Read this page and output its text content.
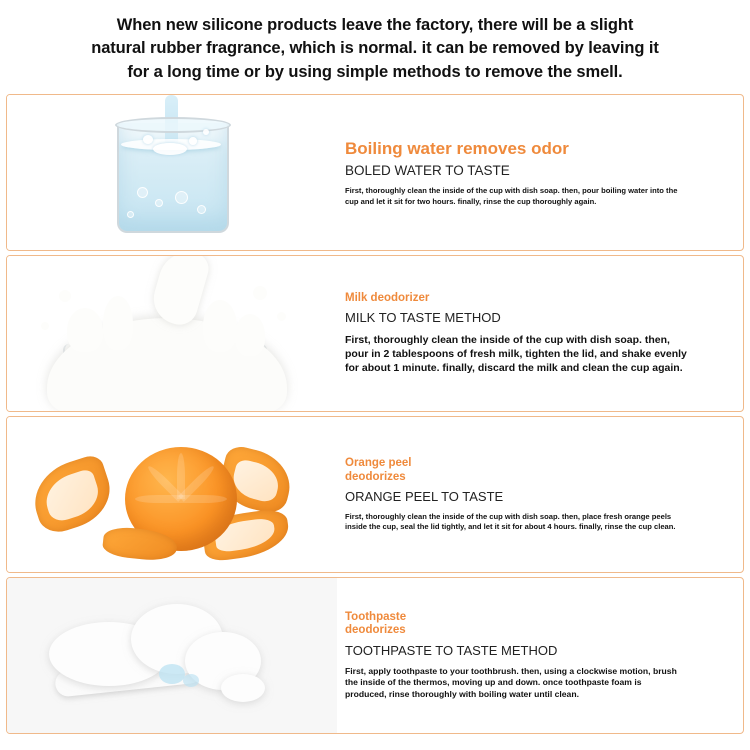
When new silicone products leave the factory, there will be a slight
natural rubber fragrance, which is normal. it can be removed by leaving it
for a long time or by using simple methods to remove the smell.
Boiling water removes odor
BOLED WATER TO TASTE
First, thoroughly clean the inside of the cup with dish soap. then, pour boiling water into the cup and let it sit for two hours. finally, rinse the cup thoroughly again.
Milk deodorizer
MILK TO TASTE METHOD
First, thoroughly clean the inside of the cup with dish soap. then, pour in 2 tablespoons of fresh milk, tighten the lid, and shake evenly for about 1 minute. finally, discard the milk and clean the cup again.
Orange peel deodorizes
ORANGE PEEL TO TASTE
First, thoroughly clean the inside of the cup with dish soap. then, place fresh orange peels inside the cup, seal the lid tightly, and let it sit for about 4 hours. finally, rinse the cup clean.
Toothpaste deodorizes
TOOTHPASTE TO TASTE METHOD
First, apply toothpaste to your toothbrush. then, using a clockwise motion, brush the inside of the thermos, moving up and down. once toothpaste foam is produced, rinse thoroughly with boiling water until clean.
